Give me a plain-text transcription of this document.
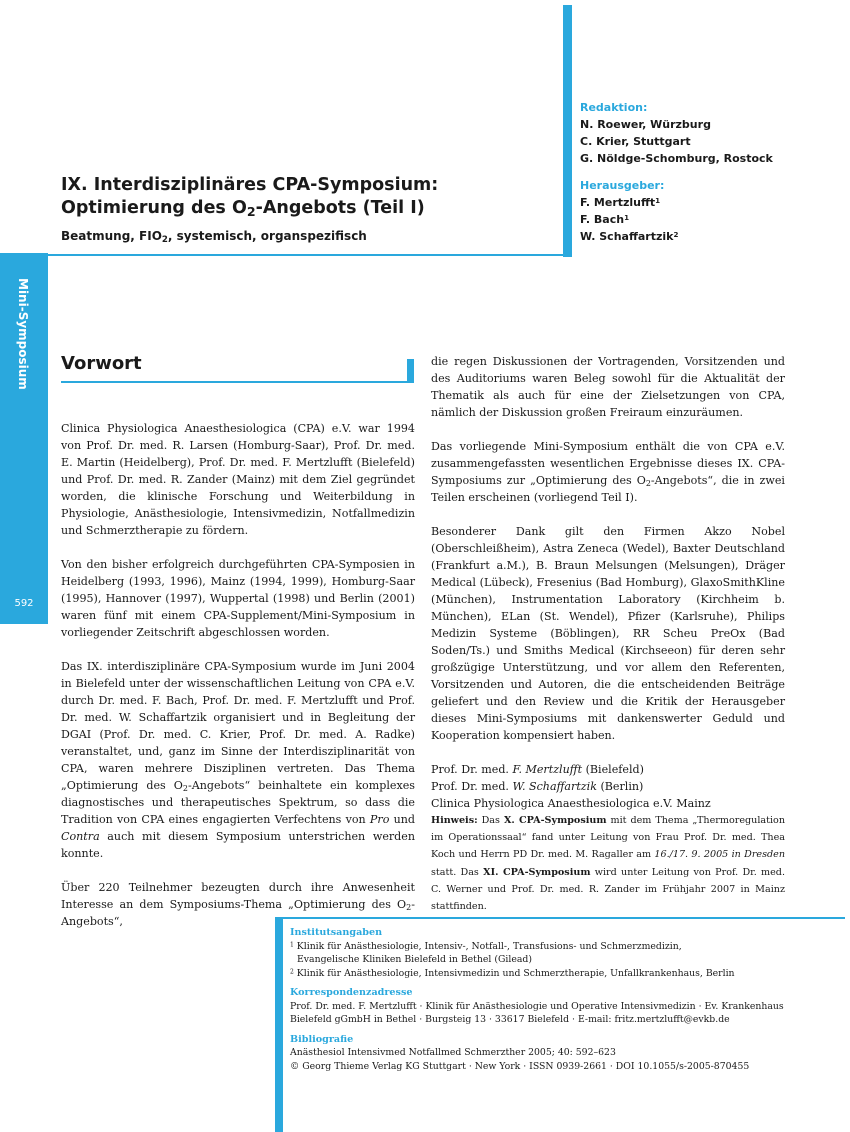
Redaktion:
N. Roewer, Würzburg
C. Krier, Stuttgart
G. Nöldge-Schomburg, Rostock
Herausgeber:
F. Mertzlufft$^1$
F. Bach$^1$
W. Schaffartzik$^2$
IX. Interdisziplinäres CPA-Symposium:
Optimierung des $O_2$-Angebots (Teil I)
Beatmung, $FIO_2$, systemisch, organspezifisch
Mini-Symposium
592
Vorwort

Clinica Physiologica Anaesthesiologica (CPA) e.V. war 1994 von Prof. Dr. med. R. Larsen (Homburg-Saar), Prof. Dr. med. E. Martin (Heidelberg), Prof. Dr. med. F. Mertzlufft (Bielefeld) und Prof. Dr. med. R. Zander (Mainz) mit dem Ziel gegründet worden, die klinische Forschung und Weiterbildung in Physiologie, Anästhesiologie, Intensivmedizin, Notfallmedizin und Schmerztherapie zu fördern.

Von den bisher erfolgreich durchgeführten CPA-Symposien in Heidelberg (1993, 1996), Mainz (1994, 1999), Homburg-Saar (1995), Hannover (1997), Wuppertal (1998) und Berlin (2001) waren fünf mit einem CPA-Supplement/Mini-Symposium in vorliegender Zeitschrift abgeschlossen worden.

Das IX. interdisziplinäre CPA-Symposium wurde im Juni 2004 in Bielefeld unter der wissenschaftlichen Leitung von CPA e.V. durch Dr. med. F. Bach, Prof. Dr. med. F. Mertzlufft und Prof. Dr. med. W. Schaffartzik organisiert und in Begleitung der DGAI (Prof. Dr. med. C. Krier, Prof. Dr. med. A. Radke) veranstaltet, und, ganz im Sinne der Interdisziplinarität von CPA, waren mehrere Disziplinen vertreten. Das Thema „Optimierung des $O_2-Angebots“$ beinhaltete ein komplexes diagnostisches und therapeutisches Spektrum, so dass die Tradition von CPA eines engagierten Verfechtens von Pro und Contra auch mit diesem Symposium unterstrichen werden konnte.

Über 220 Teilnehmer bezeugten durch ihre Anwesenheit Interesse an dem Symposiums-Thema „Optimierung des $O_2-Angebots“$,

die regen Diskussionen der Vortragenden, Vorsitzenden und des Auditoriums waren Beleg sowohl für die Aktualität der Thematik als auch für eine der Zielsetzungen von CPA, nämlich der Diskussion großen Freiraum einzuräumen.

Das vorliegende Mini-Symposium enthält die von CPA e.V. zusammengefassten wesentlichen Ergebnisse dieses IX. CPA-Symposiums zur „Optimierung des $O_2-Angebots“$, die in zwei Teilen erscheinen (vorliegend Teil I).

Besonderer Dank gilt den Firmen Akzo Nobel (Oberschleißheim), Astra Zeneca (Wedel), Baxter Deutschland (Frankfurt a.M.), B. Braun Melsungen (Melsungen), Dräger Medical (Lübeck), Fresenius (Bad Homburg), GlaxoSmithKline (München), Instrumentation Laboratory (Kirchheim b. München), ELan (St. Wendel), Pfizer (Karlsruhe), Philips Medizin Systeme (Böblingen), RR Scheu PreOx (Bad Soden/Ts.) und Smiths Medical (Kirchseeon) für deren sehr großzügige Unterstützung, und vor allem den Referenten, Vorsitzenden und Autoren, die die entscheidenden Beiträge geliefert und den Review und die Kritik der Herausgeber dieses Mini-Symposiums mit dankenswerter Geduld und Kooperation kompensiert haben.

Prof. Dr. med. F. Mertzlufft (Bielefeld)

Prof. Dr. med. W. Schaffartzik (Berlin)

Clinica Physiologica Anaesthesiologica e.V. Mainz

Hinweis: Das X. CPA-Symposium mit dem Thema „Thermoregulation im Operationssaal“ fand unter Leitung von Frau Prof. Dr. med. Thea Koch und Herrn PD Dr. med. M. Ragaller am 16./17. 9. 2005 in Dresden statt. Das XI. CPA-Symposium wird unter Leitung von Prof. Dr. med. C. Werner und Prof. Dr. med. R. Zander im Frühjahr 2007 in Mainz stattfinden.
Institutsangaben
$^1$ Klinik für Anästhesiologie, Intensiv-, Notfall-, Transfusions- und Schmerzmedizin,
Evangelische Kliniken Bielefeld in Bethel (Gilead)
$^2$ Klinik für Anästhesiologie, Intensivmedizin und Schmerztherapie, Unfallkrankenhaus, Berlin
Korrespondenzadresse
Prof. Dr. med. F. Mertzlufft · Klinik für Anästhesiologie und Operative Intensivmedizin · Ev. Krankenhaus
Bielefeld gGmbH in Bethel · Burgsteig 13 · 33617 Bielefeld · E-mail: fritz.mertzlufft@evkb.de
Bibliografie
Anästhesiol Intensivmed Notfallmed Schmerzther 2005; 40: 592–623
© Georg Thieme Verlag KG Stuttgart · New York · ISSN 0939-2661 · DOI 10.1055/s-2005-870455
